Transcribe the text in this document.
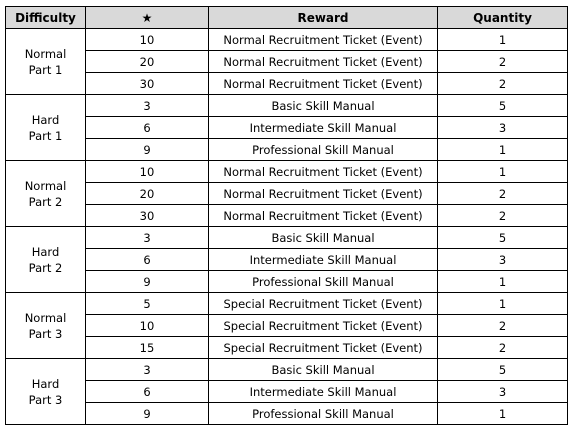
Difficulty	★	Reward	Quantity

Normal
Part 1	10	Normal Recruitment Ticket (Event)	1
	20	Normal Recruitment Ticket (Event)	2
	30	Normal Recruitment Ticket (Event)	2

Hard
Part 1	3	Basic Skill Manual	5
	6	Intermediate Skill Manual	3
	9	Professional Skill Manual	1

Normal
Part 2	10	Normal Recruitment Ticket (Event)	1
	20	Normal Recruitment Ticket (Event)	2
	30	Normal Recruitment Ticket (Event)	2

Hard
Part 2	3	Basic Skill Manual	5
	6	Intermediate Skill Manual	3
	9	Professional Skill Manual	1

Normal
Part 3	5	Special Recruitment Ticket (Event)	1
	10	Special Recruitment Ticket (Event)	2
	15	Special Recruitment Ticket (Event)	2

Hard
Part 3	3	Basic Skill Manual	5
	6	Intermediate Skill Manual	3
	9	Professional Skill Manual	1
